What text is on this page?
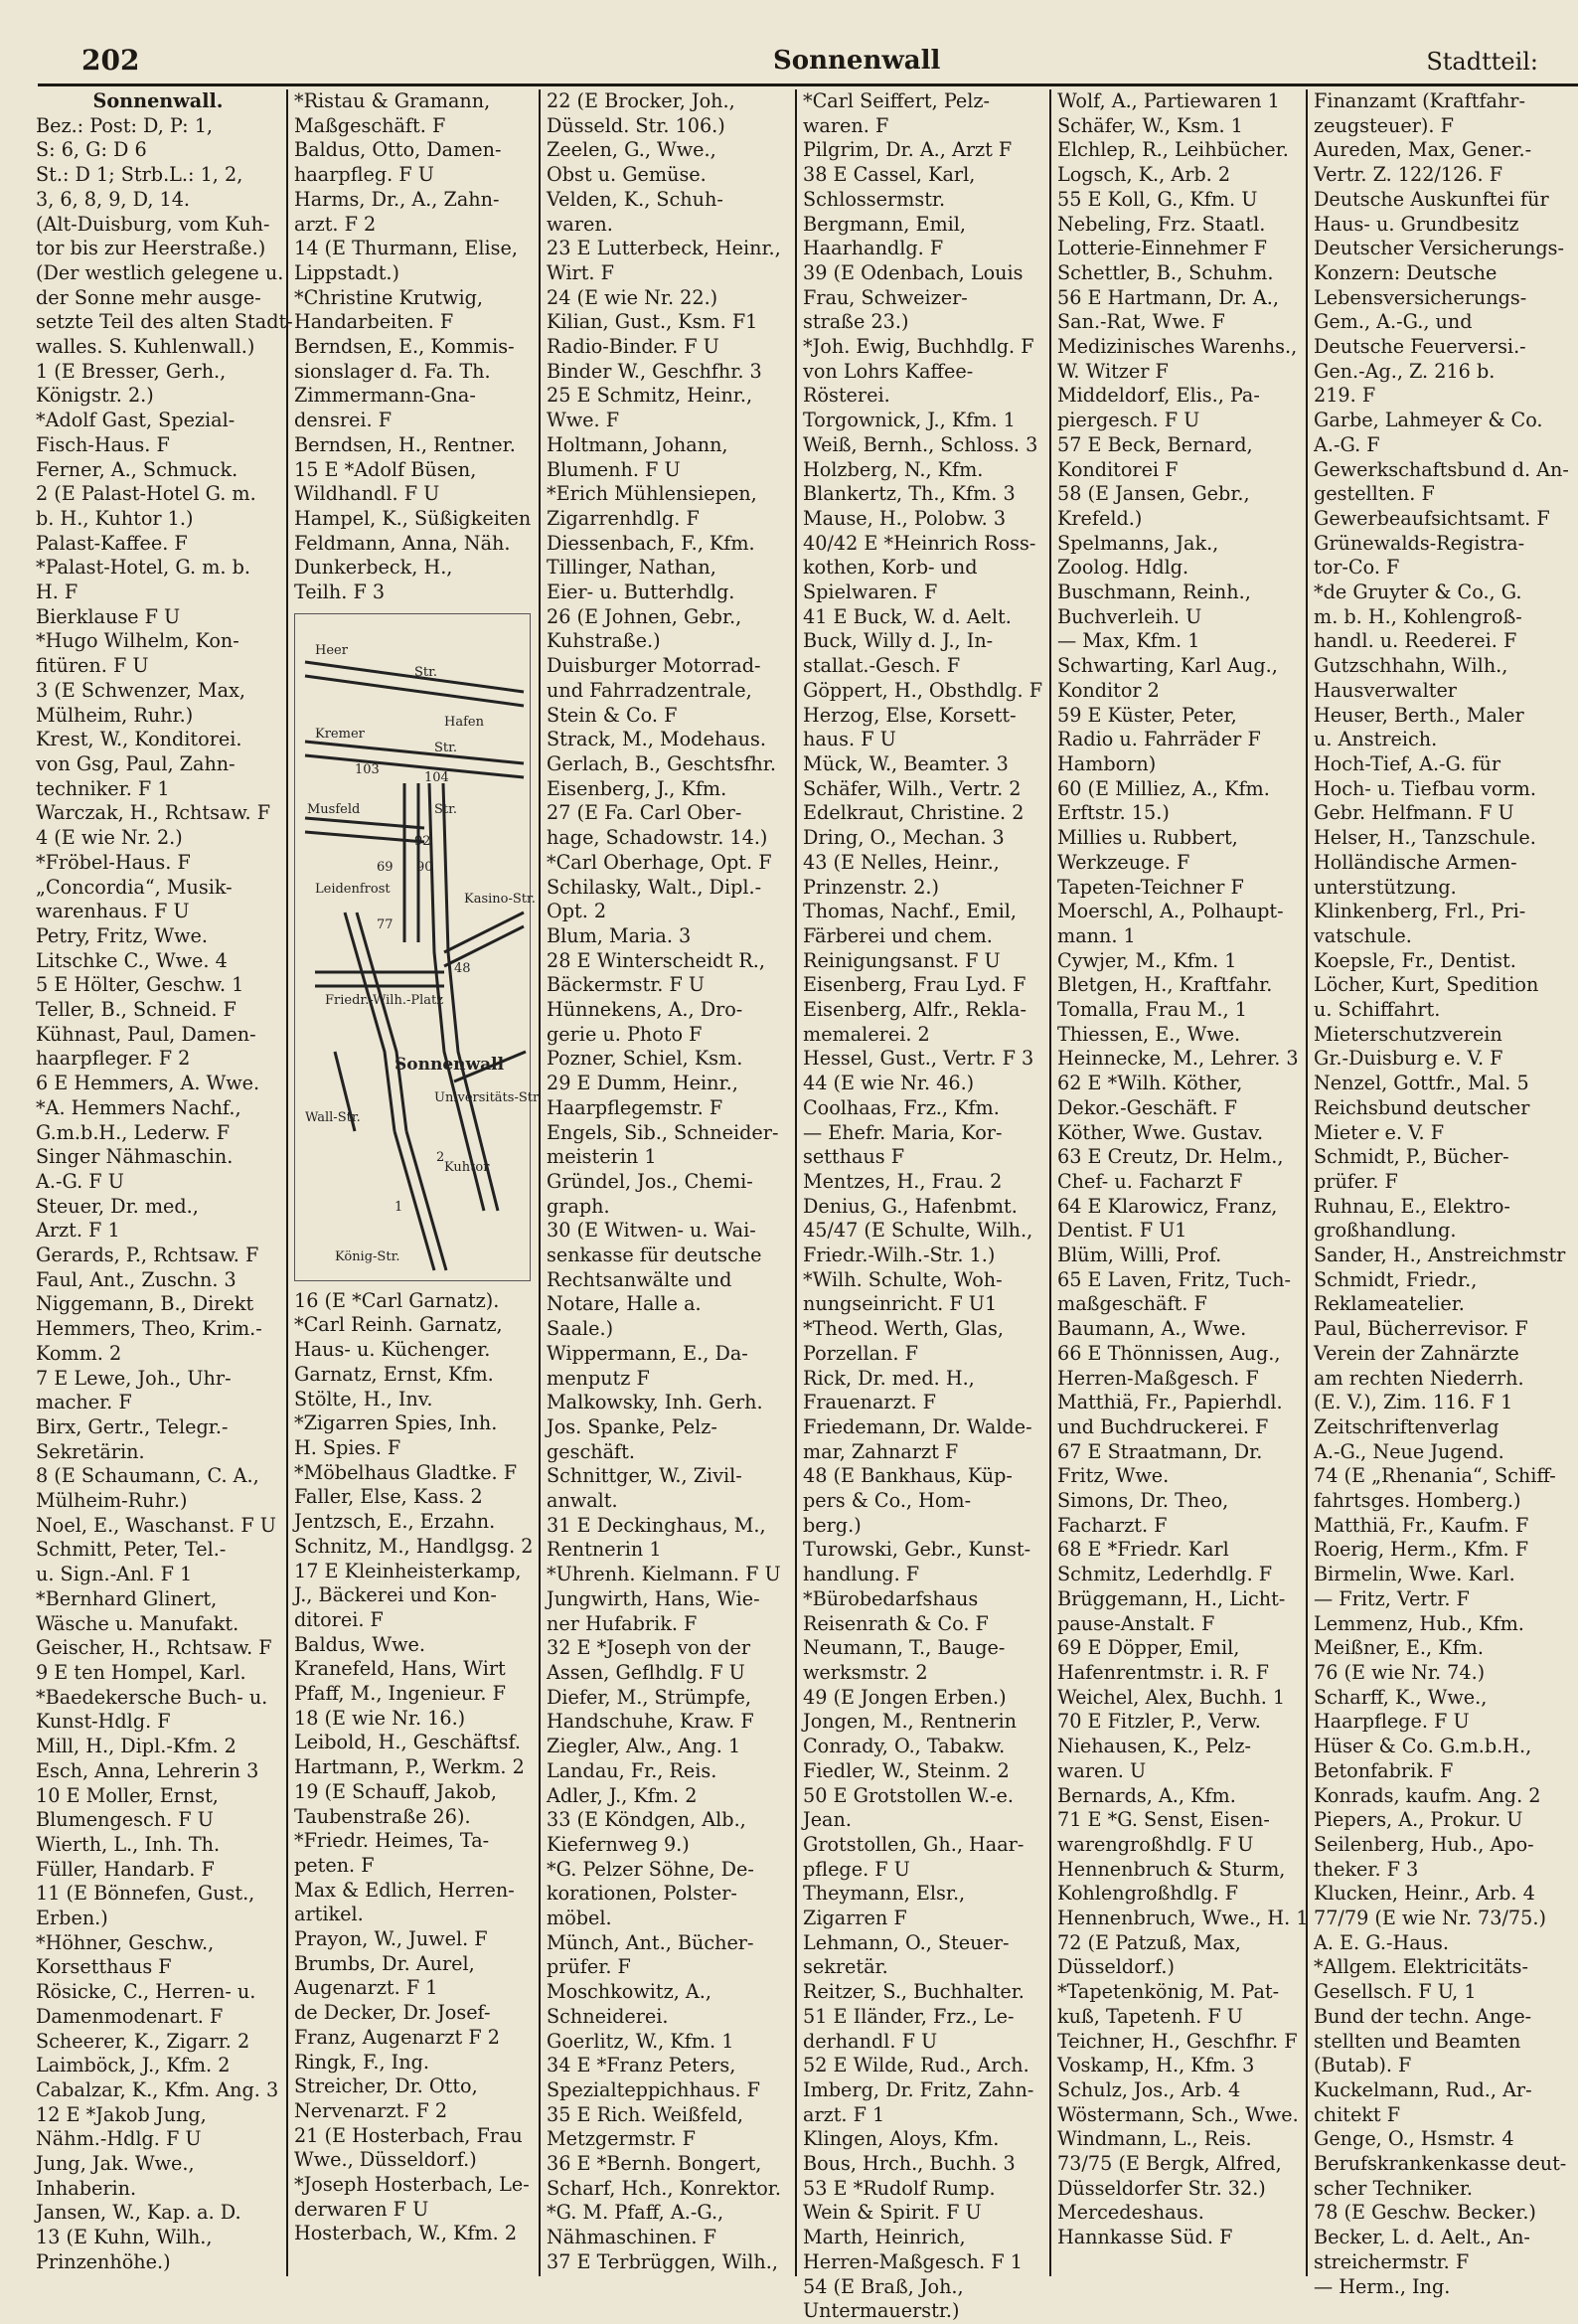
202	Sonnenwall	Stadtteil:
Sonnenwall.
Bez.: Post: D, P: 1,
S: 6, G: D 6
St.: D 1; Strb.L.: 1, 2,
3, 6, 8, 9, D, 14.
(Alt-Duisburg, vom Kuh-
tor bis zur Heerstraße.)
(Der westlich gelegene u.
der Sonne mehr ausge-
setzte Teil des alten Stadt-
walles. S. Kuhlenwall.)
1 (E Bresser, Gerh.,
Königstr. 2.)
*Adolf Gast, Spezial-
Fisch-Haus. F
Ferner, A., Schmuck.
2 (E Palast-Hotel G. m.
b. H., Kuhtor 1.)
Palast-Kaffee. F
*Palast-Hotel, G. m. b.
H. F
Bierklause F U
*Hugo Wilhelm, Kon-
fitüren. F U
3 (E Schwenzer, Max,
Mülheim, Ruhr.)
Krest, W., Konditorei.
von Gsg, Paul, Zahn-
techniker. F 1
Warczak, H., Rchtsaw. F
4 (E wie Nr. 2.)
*Fröbel-Haus. F
„Concordia“, Musik-
warenhaus. F U
Petry, Fritz, Wwe.
Litschke C., Wwe. 4
5 E Hölter, Geschw. 1
Teller, B., Schneid. F
Kühnast, Paul, Damen-
haarpfleger. F 2
6 E Hemmers, A. Wwe.
*A. Hemmers Nachf.,
G.m.b.H., Lederw. F
Singer Nähmaschin.
A.-G. F U
Steuer, Dr. med.,
Arzt. F 1
Gerards, P., Rchtsaw. F
Faul, Ant., Zuschn. 3
Niggemann, B., Direkt
Hemmers, Theo, Krim.-
Komm. 2
7 E Lewe, Joh., Uhr-
macher. F
Birx, Gertr., Telegr.-
Sekretärin.
8 (E Schaumann, C. A.,
Mülheim-Ruhr.)
Noel, E., Waschanst. F U
Schmitt, Peter, Tel.-
u. Sign.-Anl. F 1
*Bernhard Glinert,
Wäsche u. Manufakt.
Geischer, H., Rchtsaw. F
9 E ten Hompel, Karl.
*Baedekersche Buch- u.
Kunst-Hdlg. F
Mill, H., Dipl.-Kfm. 2
Esch, Anna, Lehrerin 3
10 E Moller, Ernst,
Blumengesch. F U
Wierth, L., Inh. Th.
Füller, Handarb. F
11 (E Bönnefen, Gust.,
Erben.)
*Höhner, Geschw.,
Korsetthaus F
Rösicke, C., Herren- u.
Damenmodenart. F
Scheerer, K., Zigarr. 2
Laimböck, J., Kfm. 2
Cabalzar, K., Kfm. Ang. 3
12 E *Jakob Jung,
Nähm.-Hdlg. F U
Jung, Jak. Wwe.,
Inhaberin.
Jansen, W., Kap. a. D.
13 (E Kuhn, Wilh.,
Prinzenhöhe.)
*Ristau & Gramann,
Maßgeschäft. F
Baldus, Otto, Damen-
haarpfleg. F U
Harms, Dr., A., Zahn-
arzt. F 2
14 (E Thurmann, Elise,
Lippstadt.)
*Christine Krutwig,
Handarbeiten. F
Berndsen, E., Kommis-
sionslager d. Fa. Th.
Zimmermann-Gna-
densrei. F
Berndsen, H., Rentner.
15 E *Adolf Büsen,
Wildhandl. F U
Hampel, K., Süßigkeiten
Feldmann, Anna, Näh.
Dunkerbeck, H.,
Teilh. F 3
Heer
Str.
Hafen
Kremer
Str.
Musfeld	Str.
Leidenfrost
Kasino-Str.
Friedr.-Wilh.-Platz
Sonnenwall
Universitäts-Str.
Kuhtor
König-Str.
Wall-Str.
103
104
92
69 90
77
48
1
2
16 (E *Carl Garnatz).
*Carl Reinh. Garnatz,
Haus- u. Küchenger.
Garnatz, Ernst, Kfm.
Stölte, H., Inv.
*Zigarren Spies, Inh.
H. Spies. F
*Möbelhaus Gladtke. F
Faller, Else, Kass. 2
Jentzsch, E., Erzahn.
Schnitz, M., Handlgsg. 2
17 E Kleinheisterkamp,
J., Bäckerei und Kon-
ditorei. F
Baldus, Wwe.
Kranefeld, Hans, Wirt
Pfaff, M., Ingenieur. F
18 (E wie Nr. 16.)
Leibold, H., Geschäftsf.
Hartmann, P., Werkm. 2
19 (E Schauff, Jakob,
Taubenstraße 26).
*Friedr. Heimes, Ta-
peten. F
Max & Edlich, Herren-
artikel.
Prayon, W., Juwel. F
Brumbs, Dr. Aurel,
Augenarzt. F 1
de Decker, Dr. Josef-
Franz, Augenarzt F 2
Ringk, F., Ing.
Streicher, Dr. Otto,
Nervenarzt. F 2
21 (E Hosterbach, Frau
Wwe., Düsseldorf.)
*Joseph Hosterbach, Le-
derwaren F U
Hosterbach, W., Kfm. 2
22 (E Brocker, Joh.,
Düsseld. Str. 106.)
Zeelen, G., Wwe.,
Obst u. Gemüse.
Velden, K., Schuh-
waren.
23 E Lutterbeck, Heinr.,
Wirt. F
24 (E wie Nr. 22.)
Kilian, Gust., Ksm. F1
Radio-Binder. F U
Binder W., Geschfhr. 3
25 E Schmitz, Heinr.,
Wwe. F
Holtmann, Johann,
Blumenh. F U
*Erich Mühlensiepen,
Zigarrenhdlg. F
Diessenbach, F., Kfm.
Tillinger, Nathan,
Eier- u. Butterhdlg.
26 (E Johnen, Gebr.,
Kuhstraße.)
Duisburger Motorrad-
und Fahrradzentrale,
Stein & Co. F
Strack, M., Modehaus.
Gerlach, B., Geschtsfhr.
Eisenberg, J., Kfm.
27 (E Fa. Carl Ober-
hage, Schadowstr. 14.)
*Carl Oberhage, Opt. F
Schilasky, Walt., Dipl.-
Opt. 2
Blum, Maria. 3
28 E Winterscheidt R.,
Bäckermstr. F U
Hünnekens, A., Dro-
gerie u. Photo F
Pozner, Schiel, Ksm.
29 E Dumm, Heinr.,
Haarpflegemstr. F
Engels, Sib., Schneider-
meisterin 1
Gründel, Jos., Chemi-
graph.
30 (E Witwen- u. Wai-
senkasse für deutsche
Rechtsanwälte und
Notare, Halle a.
Saale.)
Wippermann, E., Da-
menputz F
Malkowsky, Inh. Gerh.
Jos. Spanke, Pelz-
geschäft.
Schnittger, W., Zivil-
anwalt.
31 E Deckinghaus, M.,
Rentnerin 1
*Uhrenh. Kielmann. F U
Jungwirth, Hans, Wie-
ner Hufabrik. F
32 E *Joseph von der
Assen, Geflhdlg. F U
Diefer, M., Strümpfe,
Handschuhe, Kraw. F
Ziegler, Alw., Ang. 1
Landau, Fr., Reis.
Adler, J., Kfm. 2
33 (E Köndgen, Alb.,
Kiefernweg 9.)
*G. Pelzer Söhne, De-
korationen, Polster-
möbel.
Münch, Ant., Bücher-
prüfer. F
Moschkowitz, A.,
Schneiderei.
Goerlitz, W., Kfm. 1
34 E *Franz Peters,
Spezialteppichhaus. F
35 E Rich. Weißfeld,
Metzgermstr. F
36 E *Bernh. Bongert,
Scharf, Hch., Konrektor.
*G. M. Pfaff, A.-G.,
Nähmaschinen. F
37 E Terbrüggen, Wilh.,
*Carl Seiffert, Pelz-
waren. F
Pilgrim, Dr. A., Arzt F
38 E Cassel, Karl,
Schlossermstr.
Bergmann, Emil,
Haarhandlg. F
39 (E Odenbach, Louis
Frau, Schweizer-
straße 23.)
*Joh. Ewig, Buchhdlg. F
von Lohrs Kaffee-
Rösterei.
Torgownick, J., Kfm. 1
Weiß, Bernh., Schloss. 3
Holzberg, N., Kfm.
Blankertz, Th., Kfm. 3
Mause, H., Polobw. 3
40/42 E *Heinrich Ross-
kothen, Korb- und
Spielwaren. F
41 E Buck, W. d. Aelt.
Buck, Willy d. J., In-
stallat.-Gesch. F
Göppert, H., Obsthdlg. F
Herzog, Else, Korsett-
haus. F U
Mück, W., Beamter. 3
Schäfer, Wilh., Vertr. 2
Edelkraut, Christine. 2
Dring, O., Mechan. 3
43 (E Nelles, Heinr.,
Prinzenstr. 2.)
Thomas, Nachf., Emil,
Färberei und chem.
Reinigungsanst. F U
Eisenberg, Frau Lyd. F
Eisenberg, Alfr., Rekla-
memalerei. 2
Hessel, Gust., Vertr. F 3
44 (E wie Nr. 46.)
Coolhaas, Frz., Kfm.
— Ehefr. Maria, Kor-
setthaus F
Mentzes, H., Frau. 2
Denius, G., Hafenbmt.
45/47 (E Schulte, Wilh.,
Friedr.-Wilh.-Str. 1.)
*Wilh. Schulte, Woh-
nungseinricht. F U1
*Theod. Werth, Glas,
Porzellan. F
Rick, Dr. med. H.,
Frauenarzt. F
Friedemann, Dr. Walde-
mar, Zahnarzt F
48 (E Bankhaus, Küp-
pers & Co., Hom-
berg.)
Turowski, Gebr., Kunst-
handlung. F
*Bürobedarfshaus
Reisenrath & Co. F
Neumann, T., Bauge-
werksmstr. 2
49 (E Jongen Erben.)
Jongen, M., Rentnerin
Conrady, O., Tabakw.
Fiedler, W., Steinm. 2
50 E Grotstollen W.-e.
Jean.
Grotstollen, Gh., Haar-
pflege. F U
Theymann, Elsr.,
Zigarren F
Lehmann, O., Steuer-
sekretär.
Reitzer, S., Buchhalter.
51 E Iländer, Frz., Le-
derhandl. F U
52 E Wilde, Rud., Arch.
Imberg, Dr. Fritz, Zahn-
arzt. F 1
Klingen, Aloys, Kfm.
Bous, Hrch., Buchh. 3
53 E *Rudolf Rump.
Wein & Spirit. F U
Marth, Heinrich,
Herren-Maßgesch. F 1
54 (E Braß, Joh.,
Untermauerstr.)
Wolf, A., Partiewaren 1
Schäfer, W., Ksm. 1
Elchlep, R., Leihbücher.
Logsch, K., Arb. 2
55 E Koll, G., Kfm. U
Nebeling, Frz. Staatl.
Lotterie-Einnehmer F
Schettler, B., Schuhm.
56 E Hartmann, Dr. A.,
San.-Rat, Wwe. F
Medizinisches Warenhs.,
W. Witzer F
Middeldorf, Elis., Pa-
piergesch. F U
57 E Beck, Bernard,
Konditorei F
58 (E Jansen, Gebr.,
Krefeld.)
Spelmanns, Jak.,
Zoolog. Hdlg.
Buschmann, Reinh.,
Buchverleih. U
— Max, Kfm. 1
Schwarting, Karl Aug.,
Konditor 2
59 E Küster, Peter,
Radio u. Fahrräder F
Hamborn)
60 (E Milliez, A., Kfm.
Erftstr. 15.)
Millies u. Rubbert,
Werkzeuge. F
Tapeten-Teichner F
Moerschl, A., Polhaupt-
mann. 1
Cywjer, M., Kfm. 1
Bletgen, H., Kraftfahr.
Tomalla, Frau M., 1
Thiessen, E., Wwe.
Heinnecke, M., Lehrer. 3
62 E *Wilh. Köther,
Dekor.-Geschäft. F
Köther, Wwe. Gustav.
63 E Creutz, Dr. Helm.,
Chef- u. Facharzt F
64 E Klarowicz, Franz,
Dentist. F U1
Blüm, Willi, Prof.
65 E Laven, Fritz, Tuch-
maßgeschäft. F
Baumann, A., Wwe.
66 E Thönnissen, Aug.,
Herren-Maßgesch. F
Matthiä, Fr., Papierhdl.
und Buchdruckerei. F
67 E Straatmann, Dr.
Fritz, Wwe.
Simons, Dr. Theo,
Facharzt. F
68 E *Friedr. Karl
Schmitz, Lederhdlg. F
Brüggemann, H., Licht-
pause-Anstalt. F
69 E Döpper, Emil,
Hafenrentmstr. i. R. F
Weichel, Alex, Buchh. 1
70 E Fitzler, P., Verw.
Niehausen, K., Pelz-
waren. U
Bernards, A., Kfm.
71 E *G. Senst, Eisen-
warengroßhdlg. F U
Hennenbruch & Sturm,
Kohlengroßhdlg. F
Hennenbruch, Wwe., H. 1
72 (E Patzuß, Max,
Düsseldorf.)
*Tapetenkönig, M. Pat-
kuß, Tapetenh. F U
Teichner, H., Geschfhr. F
Voskamp, H., Kfm. 3
Schulz, Jos., Arb. 4
Wöstermann, Sch., Wwe.
Windmann, L., Reis.
73/75 (E Bergk, Alfred,
Düsseldorfer Str. 32.)
Mercedeshaus.
Hannkasse Süd. F
Finanzamt (Kraftfahr-
zeugsteuer). F
Aureden, Max, Gener.-
Vertr. Z. 122/126. F
Deutsche Auskunftei für
Haus- u. Grundbesitz
Deutscher Versicherungs-
Konzern: Deutsche
Lebensversicherungs-
Gem., A.-G., und
Deutsche Feuerversi.-
Gen.-Ag., Z. 216 b.
219. F
Garbe, Lahmeyer & Co.
A.-G. F
Gewerkschaftsbund d. An-
gestellten. F
Gewerbeaufsichtsamt. F
Grünewalds-Registra-
tor-Co. F
*de Gruyter & Co., G.
m. b. H., Kohlengroß-
handl. u. Reederei. F
Gutzschhahn, Wilh.,
Hausverwalter
Heuser, Berth., Maler
u. Anstreich.
Hoch-Tief, A.-G. für
Hoch- u. Tiefbau vorm.
Gebr. Helfmann. F U
Helser, H., Tanzschule.
Holländische Armen-
unterstützung.
Klinkenberg, Frl., Pri-
vatschule.
Koepsle, Fr., Dentist.
Löcher, Kurt, Spedition
u. Schiffahrt.
Mieterschutzverein
Gr.-Duisburg e. V. F
Nenzel, Gottfr., Mal. 5
Reichsbund deutscher
Mieter e. V. F
Schmidt, P., Bücher-
prüfer. F
Ruhnau, E., Elektro-
großhandlung.
Sander, H., Anstreichmstr
Schmidt, Friedr.,
Reklameatelier.
Paul, Bücherrevisor. F
Verein der Zahnärzte
am rechten Niederrh.
(E. V.), Zim. 116. F 1
Zeitschriftenverlag
A.-G., Neue Jugend.
74 (E „Rhenania“, Schiff-
fahrtsges. Homberg.)
Matthiä, Fr., Kaufm. F
Roerig, Herm., Kfm. F
Birmelin, Wwe. Karl.
— Fritz, Vertr. F
Lemmenz, Hub., Kfm.
Meißner, E., Kfm.
76 (E wie Nr. 74.)
Scharff, K., Wwe.,
Haarpflege. F U
Hüser & Co. G.m.b.H.,
Betonfabrik. F
Konrads, kaufm. Ang. 2
Piepers, A., Prokur. U
Seilenberg, Hub., Apo-
theker. F 3
Klucken, Heinr., Arb. 4
77/79 (E wie Nr. 73/75.)
A. E. G.-Haus.
*Allgem. Elektricitäts-
Gesellsch. F U, 1
Bund der techn. Ange-
stellten und Beamten
(Butab). F
Kuckelmann, Rud., Ar-
chitekt F
Genge, O., Hsmstr. 4
Berufskrankenkasse deut-
scher Techniker.
78 (E Geschw. Becker.)
Becker, L. d. Aelt., An-
streichermstr. F
— Herm., Ing.
